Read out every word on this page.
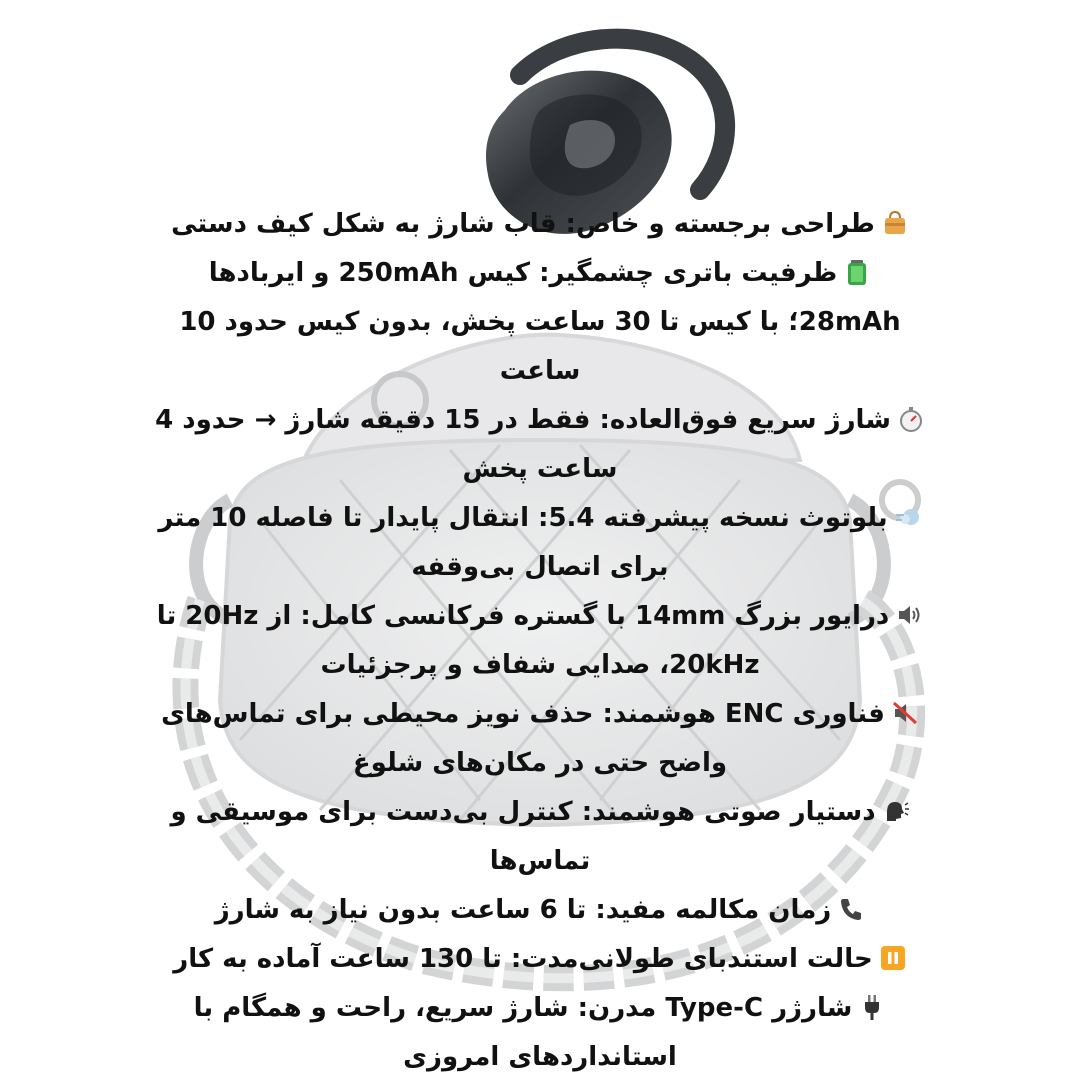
طراحی برجسته و خاص: قاب شارژ به شکل کیف دستی

ظرفیت باتری چشمگیر: کیس 250mAh و ایربادها 28mAh؛ با کیس تا 30 ساعت پخش، بدون کیس حدود 10 ساعت

شارژ سریع فوق‌العاده: فقط در 15 دقیقه شارژ → حدود 4 ساعت پخش

بلوتوث نسخه پیشرفته 5.4: انتقال پایدار تا فاصله 10 متر برای اتصال بی‌وقفه

درایور بزرگ 14mm با گستره فرکانسی کامل: از 20Hz تا 20kHz، صدایی شفاف و پرجزئیات

فناوری ENC هوشمند: حذف نویز محیطی برای تماس‌های واضح حتی در مکان‌های شلوغ

دستیار صوتی هوشمند: کنترل بی‌دست برای موسیقی و تماس‌ها

زمان مکالمه مفید: تا 6 ساعت بدون نیاز به شارژ

حالت استندبای طولانی‌مدت: تا 130 ساعت آماده به کار

شارژر Type-C مدرن: شارژ سریع، راحت و همگام با استانداردهای امروزی
